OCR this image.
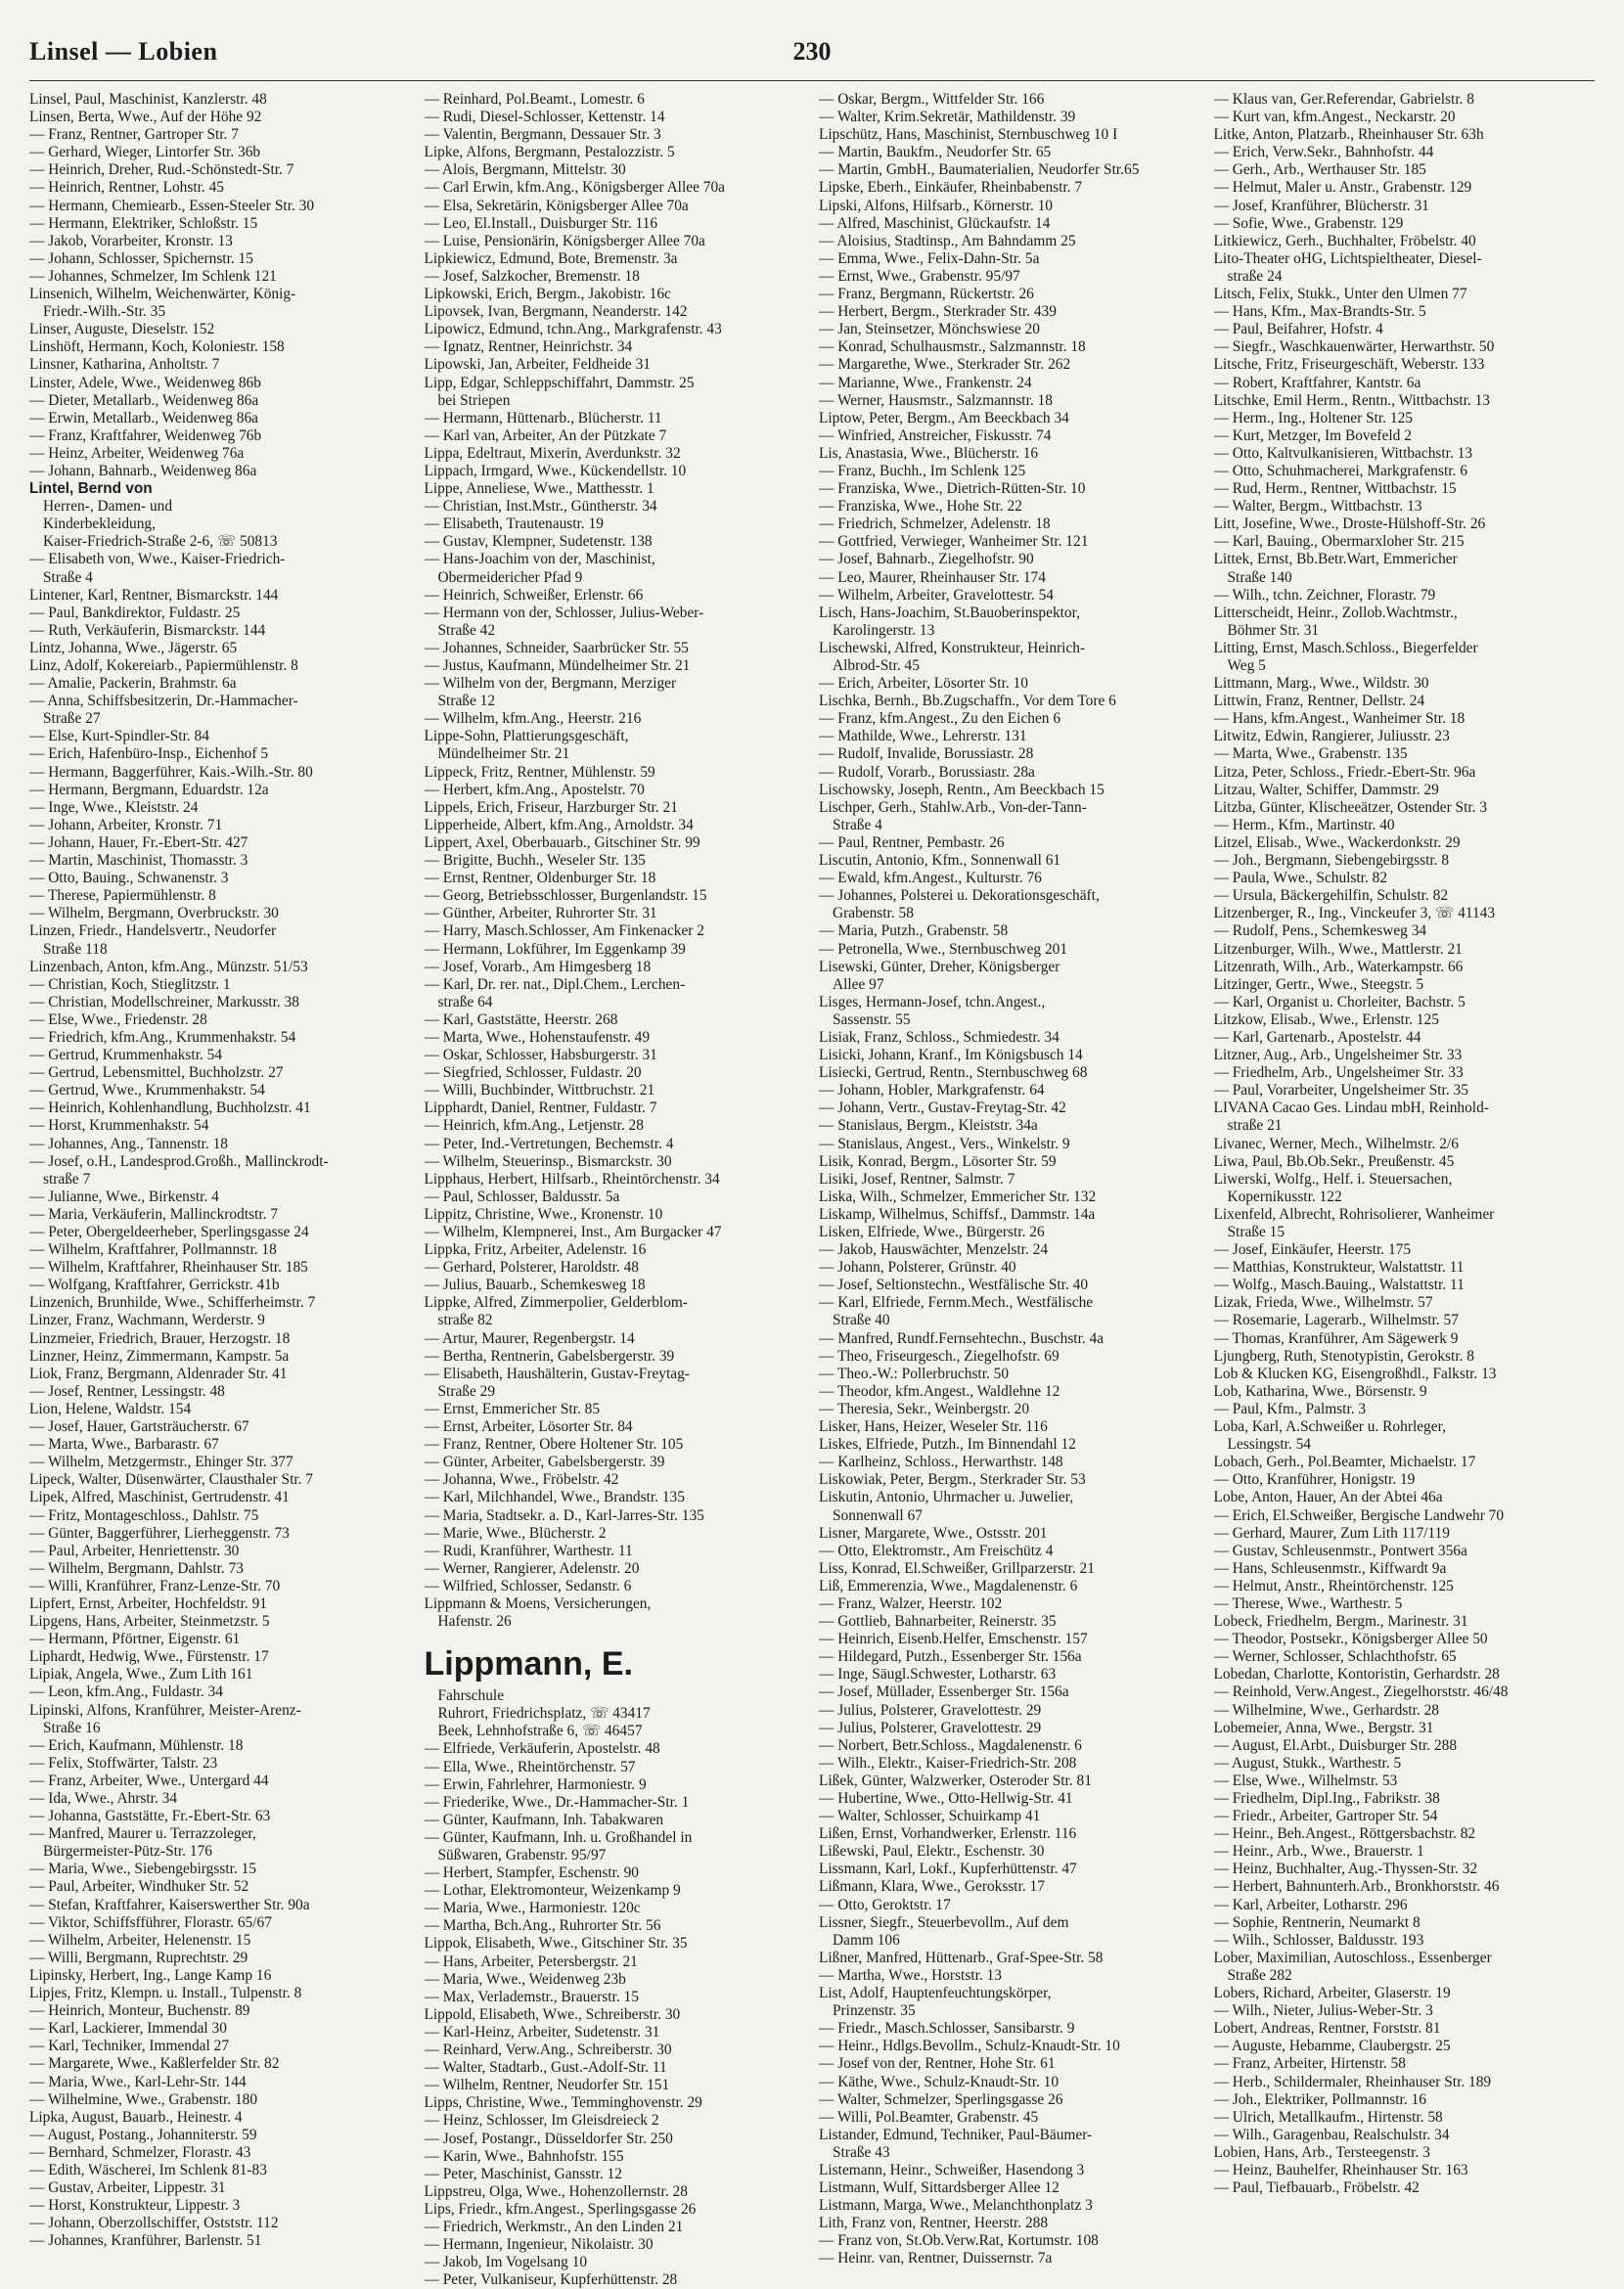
Linsel — Lobien	230
Linsel, Paul, Maschinist, Kanzlerstr. 48
Linsen, Berta, Wwe., Auf der Höhe 92
— Franz, Rentner, Gartroper Str. 7
— Gerhard, Wieger, Lintorfer Str. 36b
— Heinrich, Dreher, Rud.-Schönstedt-Str. 7
— Heinrich, Rentner, Lohstr. 45
— Hermann, Chemiearb., Essen-Steeler Str. 30
— Hermann, Elektriker, Schloßstr. 15
— Jakob, Vorarbeiter, Kronstr. 13
— Johann, Schlosser, Spichernstr. 15
— Johannes, Schmelzer, Im Schlenk 121
Linsenich, Wilhelm, Weichenwärter, König-
Friedr.-Wilh.-Str. 35
Linser, Auguste, Dieselstr. 152
Linshöft, Hermann, Koch, Koloniestr. 158
Linsner, Katharina, Anholtstr. 7
Linster, Adele, Wwe., Weidenweg 86b
— Dieter, Metallarb., Weidenweg 86a
— Erwin, Metallarb., Weidenweg 86a
— Franz, Kraftfahrer, Weidenweg 76b
— Heinz, Arbeiter, Weidenweg 76a
— Johann, Bahnarb., Weidenweg 86a
Lintel, Bernd von
Herren-, Damen- und
Kinderbekleidung,
Kaiser-Friedrich-Straße 2-6, ☏ 50813
— Elisabeth von, Wwe., Kaiser-Friedrich-
Straße 4
Lintener, Karl, Rentner, Bismarckstr. 144
— Paul, Bankdirektor, Fuldastr. 25
— Ruth, Verkäuferin, Bismarckstr. 144
Lintz, Johanna, Wwe., Jägerstr. 65
Linz, Adolf, Kokereiarb., Papiermühlenstr. 8
— Amalie, Packerin, Brahmstr. 6a
— Anna, Schiffsbesitzerin, Dr.-Hammacher-
Straße 27
— Else, Kurt-Spindler-Str. 84
— Erich, Hafenbüro-Insp., Eichenhof 5
— Hermann, Baggerführer, Kais.-Wilh.-Str. 80
— Hermann, Bergmann, Eduardstr. 12a
— Inge, Wwe., Kleiststr. 24
— Johann, Arbeiter, Kronstr. 71
— Johann, Hauer, Fr.-Ebert-Str. 427
— Martin, Maschinist, Thomasstr. 3
— Otto, Bauing., Schwanenstr. 3
— Therese, Papiermühlenstr. 8
— Wilhelm, Bergmann, Overbruckstr. 30
Linzen, Friedr., Handelsvertr., Neudorfer
Straße 118
Linzenbach, Anton, kfm.Ang., Münzstr. 51/53
— Christian, Koch, Stieglitzstr. 1
— Christian, Modellschreiner, Markusstr. 38
— Else, Wwe., Friedenstr. 28
— Friedrich, kfm.Ang., Krummenhakstr. 54
— Gertrud, Krummenhakstr. 54
— Gertrud, Lebensmittel, Buchholzstr. 27
— Gertrud, Wwe., Krummenhakstr. 54
— Heinrich, Kohlenhandlung, Buchholzstr. 41
— Horst, Krummenhakstr. 54
— Johannes, Ang., Tannenstr. 18
— Josef, o.H., Landesprod.Großh., Mallinckrodt-
straße 7
— Julianne, Wwe., Birkenstr. 4
— Maria, Verkäuferin, Mallinckrodtstr. 7
— Peter, Obergeldeerheber, Sperlingsgasse 24
— Wilhelm, Kraftfahrer, Pollmannstr. 18
— Wilhelm, Kraftfahrer, Rheinhauser Str. 185
— Wolfgang, Kraftfahrer, Gerrickstr. 41b
Linzenich, Brunhilde, Wwe., Schifferheimstr. 7
Linzer, Franz, Wachmann, Werderstr. 9
Linzmeier, Friedrich, Brauer, Herzogstr. 18
Linzner, Heinz, Zimmermann, Kampstr. 5a
Liok, Franz, Bergmann, Aldenrader Str. 41
— Josef, Rentner, Lessingstr. 48
Lion, Helene, Waldstr. 154
— Josef, Hauer, Gartsträucherstr. 67
— Marta, Wwe., Barbarastr. 67
— Wilhelm, Metzgermstr., Ehinger Str. 377
Lipeck, Walter, Düsenwärter, Clausthaler Str. 7
Lipek, Alfred, Maschinist, Gertrudenstr. 41
— Fritz, Montageschloss., Dahlstr. 75
— Günter, Baggerführer, Lierheggenstr. 73
— Paul, Arbeiter, Henriettenstr. 30
— Wilhelm, Bergmann, Dahlstr. 73
— Willi, Kranführer, Franz-Lenze-Str. 70
Lipfert, Ernst, Arbeiter, Hochfeldstr. 91
Lipgens, Hans, Arbeiter, Steinmetzstr. 5
— Hermann, Pförtner, Eigenstr. 61
Liphardt, Hedwig, Wwe., Fürstenstr. 17
Lipiak, Angela, Wwe., Zum Lith 161
— Leon, kfm.Ang., Fuldastr. 34
Lipinski, Alfons, Kranführer, Meister-Arenz-
Straße 16
— Erich, Kaufmann, Mühlenstr. 18
— Felix, Stoffwärter, Talstr. 23
— Franz, Arbeiter, Wwe., Untergard 44
— Ida, Wwe., Ahrstr. 34
— Johanna, Gaststätte, Fr.-Ebert-Str. 63
— Manfred, Maurer u. Terrazzoleger,
Bürgermeister-Pütz-Str. 176
— Maria, Wwe., Siebengebirgsstr. 15
— Paul, Arbeiter, Windhuker Str. 52
— Stefan, Kraftfahrer, Kaiserswerther Str. 90a
— Viktor, Schiffsfführer, Florastr. 65/67
— Wilhelm, Arbeiter, Helenenstr. 15
— Willi, Bergmann, Ruprechtstr. 29
Lipinsky, Herbert, Ing., Lange Kamp 16
Lipjes, Fritz, Klempn. u. Install., Tulpenstr. 8
— Heinrich, Monteur, Buchenstr. 89
— Karl, Lackierer, Immendal 30
— Karl, Techniker, Immendal 27
— Margarete, Wwe., Kaßlerfelder Str. 82
— Maria, Wwe., Karl-Lehr-Str. 144
— Wilhelmine, Wwe., Grabenstr. 180
Lipka, August, Bauarb., Heinestr. 4
— August, Postang., Johanniterstr. 59
— Bernhard, Schmelzer, Florastr. 43
— Edith, Wäscherei, Im Schlenk 81-83
— Gustav, Arbeiter, Lippestr. 31
— Horst, Konstrukteur, Lippestr. 3
— Johann, Oberzollschiffer, Ostststr. 112
— Johannes, Kranführer, Barlenstr. 51
— Reinhard, Pol.Beamt., Lomestr. 6
— Rudi, Diesel-Schlosser, Kettenstr. 14
— Valentin, Bergmann, Dessauer Str. 3
Lipke, Alfons, Bergmann, Pestalozzistr. 5
— Alois, Bergmann, Mittelstr. 30
— Carl Erwin, kfm.Ang., Königsberger Allee 70a
— Elsa, Sekretärin, Königsberger Allee 70a
— Leo, El.Install., Duisburger Str. 116
— Luise, Pensionärin, Königsberger Allee 70a
Lipkiewicz, Edmund, Bote, Bremenstr. 3a
— Josef, Salzkocher, Bremenstr. 18
Lipkowski, Erich, Bergm., Jakobistr. 16c
Lipovsek, Ivan, Bergmann, Neanderstr. 142
Lipowicz, Edmund, tchn.Ang., Markgrafenstr. 43
— Ignatz, Rentner, Heinrichstr. 34
Lipowski, Jan, Arbeiter, Feldheide 31
Lipp, Edgar, Schleppschiffahrt, Dammstr. 25
bei Striepen
— Hermann, Hüttenarb., Blücherstr. 11
— Karl van, Arbeiter, An der Pützkate 7
Lippa, Edeltraut, Mixerin, Averdunkstr. 32
Lippach, Irmgard, Wwe., Kückendellstr. 10
Lippe, Anneliese, Wwe., Matthesstr. 1
— Christian, Inst.Mstr., Güntherstr. 34
— Elisabeth, Trautenaustr. 19
— Gustav, Klempner, Sudetenstr. 138
— Hans-Joachim von der, Maschinist,
Obermeidericher Pfad 9
— Heinrich, Schweißer, Erlenstr. 66
— Hermann von der, Schlosser, Julius-Weber-
Straße 42
— Johannes, Schneider, Saarbrücker Str. 55
— Justus, Kaufmann, Mündelheimer Str. 21
— Wilhelm von der, Bergmann, Merziger
Straße 12
— Wilhelm, kfm.Ang., Heerstr. 216
Lippe-Sohn, Plattierungsgeschäft,
Mündelheimer Str. 21
Lippeck, Fritz, Rentner, Mühlenstr. 59
— Herbert, kfm.Ang., Apostelstr. 70
Lippels, Erich, Friseur, Harzburger Str. 21
Lipperheide, Albert, kfm.Ang., Arnoldstr. 34
Lippert, Axel, Oberbauarb., Gitschiner Str. 99
— Brigitte, Buchh., Weseler Str. 135
— Ernst, Rentner, Oldenburger Str. 18
— Georg, Betriebsschlosser, Burgenlandstr. 15
— Günther, Arbeiter, Ruhrorter Str. 31
— Harry, Masch.Schlosser, Am Finkenacker 2
— Hermann, Lokführer, Im Eggenkamp 39
— Josef, Vorarb., Am Himgesberg 18
— Karl, Dr. rer. nat., Dipl.Chem., Lerchen-
straße 64
— Karl, Gaststätte, Heerstr. 268
— Marta, Wwe., Hohenstaufenstr. 49
— Oskar, Schlosser, Habsburgerstr. 31
— Siegfried, Schlosser, Fuldastr. 20
— Willi, Buchbinder, Wittbruchstr. 21
Lipphardt, Daniel, Rentner, Fuldastr. 7
— Heinrich, kfm.Ang., Letjenstr. 28
— Peter, Ind.-Vertretungen, Bechemstr. 4
— Wilhelm, Steuerinsp., Bismarckstr. 30
Lipphaus, Herbert, Hilfsarb., Rheintörchenstr. 34
— Paul, Schlosser, Baldusstr. 5a
Lippitz, Christine, Wwe., Kronenstr. 10
— Wilhelm, Klempnerei, Inst., Am Burgacker 47
Lippka, Fritz, Arbeiter, Adelenstr. 16
— Gerhard, Polsterer, Haroldstr. 48
— Julius, Bauarb., Schemkesweg 18
Lippke, Alfred, Zimmerpolier, Gelderblom-
straße 82
— Artur, Maurer, Regenbergstr. 14
— Bertha, Rentnerin, Gabelsbergerstr. 39
— Elisabeth, Haushälterin, Gustav-Freytag-
Straße 29
— Ernst, Emmericher Str. 85
— Ernst, Arbeiter, Lösorter Str. 84
— Franz, Rentner, Obere Holtener Str. 105
— Günter, Arbeiter, Gabelsbergerstr. 39
— Johanna, Wwe., Fröbelstr. 42
— Karl, Milchhandel, Wwe., Brandstr. 135
— Maria, Stadtsekr. a. D., Karl-Jarres-Str. 135
— Marie, Wwe., Blücherstr. 2
— Rudi, Kranführer, Warthestr. 11
— Werner, Rangierer, Adelenstr. 20
— Wilfried, Schlosser, Sedanstr. 6
Lippmann & Moens, Versicherungen,
Hafenstr. 26
Lippmann, E.
Fahrschule
Ruhrort, Friedrichsplatz, ☏ 43417
Beek, Lehnhofstraße 6, ☏ 46457
— Elfriede, Verkäuferin, Apostelstr. 48
— Ella, Wwe., Rheintörchenstr. 57
— Erwin, Fahrlehrer, Harmoniestr. 9
— Friederike, Wwe., Dr.-Hammacher-Str. 1
— Günter, Kaufmann, Inh. Tabakwaren
— Günter, Kaufmann, Inh. u. Großhandel in
Süßwaren, Grabenstr. 95/97
— Herbert, Stampfer, Eschenstr. 90
— Lothar, Elektromonteur, Weizenkamp 9
— Maria, Wwe., Harmoniestr. 120c
— Martha, Bch.Ang., Ruhrorter Str. 56
Lippok, Elisabeth, Wwe., Gitschiner Str. 35
— Hans, Arbeiter, Petersbergstr. 21
— Maria, Wwe., Weidenweg 23b
— Max, Verlademstr., Brauerstr. 15
Lippold, Elisabeth, Wwe., Schreiberstr. 30
— Karl-Heinz, Arbeiter, Sudetenstr. 31
— Reinhard, Verw.Ang., Schreiberstr. 30
— Walter, Stadtarb., Gust.-Adolf-Str. 11
— Wilhelm, Rentner, Neudorfer Str. 151
Lipps, Christine, Wwe., Temminghovenstr. 29
— Heinz, Schlosser, Im Gleisdreieck 2
— Josef, Postangr., Düsseldorfer Str. 250
— Karin, Wwe., Bahnhofstr. 155
— Peter, Maschinist, Gansstr. 12
Lippstreu, Olga, Wwe., Hohenzollernstr. 28
Lips, Friedr., kfm.Angest., Sperlingsgasse 26
— Friedrich, Werkmstr., An den Linden 21
— Hermann, Ingenieur, Nikolaistr. 30
— Jakob, Im Vogelsang 10
— Peter, Vulkaniseur, Kupferhüttenstr. 28
— Oskar, Bergm., Wittfelder Str. 166
— Walter, Krim.Sekretär, Mathildenstr. 39
Lipschütz, Hans, Maschinist, Sternbuschweg 10 I
— Martin, Baukfm., Neudorfer Str. 65
— Martin, GmbH., Baumaterialien, Neudorfer Str.65
Lipske, Eberh., Einkäufer, Rheinbabenstr. 7
Lipski, Alfons, Hilfsarb., Körnerstr. 10
— Alfred, Maschinist, Glückaufstr. 14
— Aloisius, Stadtinsp., Am Bahndamm 25
— Emma, Wwe., Felix-Dahn-Str. 5a
— Ernst, Wwe., Grabenstr. 95/97
— Franz, Bergmann, Rückertstr. 26
— Herbert, Bergm., Sterkrader Str. 439
— Jan, Steinsetzer, Mönchswiese 20
— Konrad, Schulhausmstr., Salzmannstr. 18
— Margarethe, Wwe., Sterkrader Str. 262
— Marianne, Wwe., Frankenstr. 24
— Werner, Hausmstr., Salzmannstr. 18
Liptow, Peter, Bergm., Am Beeckbach 34
— Winfried, Anstreicher, Fiskusstr. 74
Lis, Anastasia, Wwe., Blücherstr. 16
— Franz, Buchh., Im Schlenk 125
— Franziska, Wwe., Dietrich-Rütten-Str. 10
— Franziska, Wwe., Hohe Str. 22
— Friedrich, Schmelzer, Adelenstr. 18
— Gottfried, Verwieger, Wanheimer Str. 121
— Josef, Bahnarb., Ziegelhofstr. 90
— Leo, Maurer, Rheinhauser Str. 174
— Wilhelm, Arbeiter, Gravelottestr. 54
Lisch, Hans-Joachim, St.Bauoberinspektor,
Karolingerstr. 13
Lischewski, Alfred, Konstrukteur, Heinrich-
Albrod-Str. 45
— Erich, Arbeiter, Lösorter Str. 10
Lischka, Bernh., Bb.Zugschaffn., Vor dem Tore 6
— Franz, kfm.Angest., Zu den Eichen 6
— Mathilde, Wwe., Lehrerstr. 131
— Rudolf, Invalide, Borussiastr. 28
— Rudolf, Vorarb., Borussiastr. 28a
Lischowsky, Joseph, Rentn., Am Beeckbach 15
Lischper, Gerh., Stahlw.Arb., Von-der-Tann-
Straße 4
— Paul, Rentner, Pembastr. 26
Liscutin, Antonio, Kfm., Sonnenwall 61
— Ewald, kfm.Angest., Kulturstr. 76
— Johannes, Polsterei u. Dekorationsgeschäft,
Grabenstr. 58
— Maria, Putzh., Grabenstr. 58
— Petronella, Wwe., Sternbuschweg 201
Lisewski, Günter, Dreher, Königsberger
Allee 97
Lisges, Hermann-Josef, tchn.Angest.,
Sassenstr. 55
Lisiak, Franz, Schloss., Schmiedestr. 34
Lisicki, Johann, Kranf., Im Königsbusch 14
Lisiecki, Gertrud, Rentn., Sternbuschweg 68
— Johann, Hobler, Markgrafenstr. 64
— Johann, Vertr., Gustav-Freytag-Str. 42
— Stanislaus, Bergm., Kleiststr. 34a
— Stanislaus, Angest., Vers., Winkelstr. 9
Lisik, Konrad, Bergm., Lösorter Str. 59
Lisiki, Josef, Rentner, Salmstr. 7
Liska, Wilh., Schmelzer, Emmericher Str. 132
Liskamp, Wilhelmus, Schiffsf., Dammstr. 14a
Lisken, Elfriede, Wwe., Bürgerstr. 26
— Jakob, Hauswächter, Menzelstr. 24
— Johann, Polsterer, Grünstr. 40
— Josef, Seltionstechn., Westfälische Str. 40
— Karl, Elfriede, Fernm.Mech., Westfälische
Straße 40
— Manfred, Rundf.Fernsehtechn., Buschstr. 4a
— Theo, Friseurgesch., Ziegelhofstr. 69
— Theo.-W.: Pollerbruchstr. 50
— Theodor, kfm.Angest., Waldlehne 12
— Theresia, Sekr., Weinbergstr. 20
Lisker, Hans, Heizer, Weseler Str. 116
Liskes, Elfriede, Putzh., Im Binnendahl 12
— Karlheinz, Schloss., Herwarthstr. 148
Liskowiak, Peter, Bergm., Sterkrader Str. 53
Liskutin, Antonio, Uhrmacher u. Juwelier,
Sonnenwall 67
Lisner, Margarete, Wwe., Ostsstr. 201
— Otto, Elektromstr., Am Freischütz 4
Liss, Konrad, El.Schweißer, Grillparzerstr. 21
Liß, Emmerenzia, Wwe., Magdalenenstr. 6
— Franz, Walzer, Heerstr. 102
— Gottlieb, Bahnarbeiter, Reinerstr. 35
— Heinrich, Eisenb.Helfer, Emschenstr. 157
— Hildegard, Putzh., Essenberger Str. 156a
— Inge, Säugl.Schwester, Lotharstr. 63
— Josef, Müllader, Essenberger Str. 156a
— Julius, Polsterer, Gravelottestr. 29
— Julius, Polsterer, Gravelottestr. 29
— Norbert, Betr.Schloss., Magdalenenstr. 6
— Wilh., Elektr., Kaiser-Friedrich-Str. 208
Lißek, Günter, Walzwerker, Osteroder Str. 81
— Hubertine, Wwe., Otto-Hellwig-Str. 41
— Walter, Schlosser, Schuirkamp 41
Lißen, Ernst, Vorhandwerker, Erlenstr. 116
Lißewski, Paul, Elektr., Eschenstr. 30
Lissmann, Karl, Lokf., Kupferhüttenstr. 47
Lißmann, Klara, Wwe., Geroksstr. 17
— Otto, Geroktstr. 17
Lissner, Siegfr., Steuerbevollm., Auf dem
Damm 106
Lißner, Manfred, Hüttenarb., Graf-Spee-Str. 58
— Martha, Wwe., Horststr. 13
List, Adolf, Hauptenfeuchtungskörper,
Prinzenstr. 35
— Friedr., Masch.Schlosser, Sansibarstr. 9
— Heinr., Hdlgs.Bevollm., Schulz-Knaudt-Str. 10
— Josef von der, Rentner, Hohe Str. 61
— Käthe, Wwe., Schulz-Knaudt-Str. 10
— Walter, Schmelzer, Sperlingsgasse 26
— Willi, Pol.Beamter, Grabenstr. 45
Listander, Edmund, Techniker, Paul-Bäumer-
Straße 43
Listemann, Heinr., Schweißer, Hasendong 3
Listmann, Wulf, Sittardsberger Allee 12
Listmann, Marga, Wwe., Melanchthonplatz 3
Lith, Franz von, Rentner, Heerstr. 288
— Franz von, St.Ob.Verw.Rat, Kortumstr. 108
— Heinr. van, Rentner, Duissernstr. 7a
— Klaus van, Ger.Referendar, Gabrielstr. 8
— Kurt van, kfm.Angest., Neckarstr. 20
Litke, Anton, Platzarb., Rheinhauser Str. 63h
— Erich, Verw.Sekr., Bahnhofstr. 44
— Gerh., Arb., Werthauser Str. 185
— Helmut, Maler u. Anstr., Grabenstr. 129
— Josef, Kranführer, Blücherstr. 31
— Sofie, Wwe., Grabenstr. 129
Litkiewicz, Gerh., Buchhalter, Fröbelstr. 40
Lito-Theater oHG, Lichtspieltheater, Diesel-
straße 24
Litsch, Felix, Stukk., Unter den Ulmen 77
— Hans, Kfm., Max-Brandts-Str. 5
— Paul, Beifahrer, Hofstr. 4
— Siegfr., Waschkauenwärter, Herwarthstr. 50
Litsche, Fritz, Friseurgeschäft, Weberstr. 133
— Robert, Kraftfahrer, Kantstr. 6a
Litschke, Emil Herm., Rentn., Wittbachstr. 13
— Herm., Ing., Holtener Str. 125
— Kurt, Metzger, Im Bovefeld 2
— Otto, Kaltvulkanisieren, Wittbachstr. 13
— Otto, Schuhmacherei, Markgrafenstr. 6
— Rud, Herm., Rentner, Wittbachstr. 15
— Walter, Bergm., Wittbachstr. 13
Litt, Josefine, Wwe., Droste-Hülshoff-Str. 26
— Karl, Bauing., Obermarxloher Str. 215
Littek, Ernst, Bb.Betr.Wart, Emmericher
Straße 140
— Wilh., tchn. Zeichner, Florastr. 79
Litterscheidt, Heinr., Zollob.Wachtmstr.,
Böhmer Str. 31
Litting, Ernst, Masch.Schloss., Biegerfelder
Weg 5
Littmann, Marg., Wwe., Wildstr. 30
Littwin, Franz, Rentner, Dellstr. 24
— Hans, kfm.Angest., Wanheimer Str. 18
Litwitz, Edwin, Rangierer, Juliusstr. 23
— Marta, Wwe., Grabenstr. 135
Litza, Peter, Schloss., Friedr.-Ebert-Str. 96a
Litzau, Walter, Schiffer, Dammstr. 29
Litzba, Günter, Klischeeätzer, Ostender Str. 3
— Herm., Kfm., Martinstr. 40
Litzel, Elisab., Wwe., Wackerdonkstr. 29
— Joh., Bergmann, Siebengebirgsstr. 8
— Paula, Wwe., Schulstr. 82
— Ursula, Bäckergehilfin, Schulstr. 82
Litzenberger, R., Ing., Vinckeufer 3, ☏ 41143
— Rudolf, Pens., Schemkesweg 34
Litzenburger, Wilh., Wwe., Mattlerstr. 21
Litzenrath, Wilh., Arb., Waterkampstr. 66
Litzinger, Gertr., Wwe., Steegstr. 5
— Karl, Organist u. Chorleiter, Bachstr. 5
Litzkow, Elisab., Wwe., Erlenstr. 125
— Karl, Gartenarb., Apostelstr. 44
Litzner, Aug., Arb., Ungelsheimer Str. 33
— Friedhelm, Arb., Ungelsheimer Str. 33
— Paul, Vorarbeiter, Ungelsheimer Str. 35
LIVANA Cacao Ges. Lindau mbH, Reinhold-
straße 21
Livanec, Werner, Mech., Wilhelmstr. 2/6
Liwa, Paul, Bb.Ob.Sekr., Preußenstr. 45
Liwerski, Wolfg., Helf. i. Steuersachen,
Kopernikusstr. 122
Lixenfeld, Albrecht, Rohrisolierer, Wanheimer
Straße 15
— Josef, Einkäufer, Heerstr. 175
— Matthias, Konstrukteur, Walstattstr. 11
— Wolfg., Masch.Bauing., Walstattstr. 11
Lizak, Frieda, Wwe., Wilhelmstr. 57
— Rosemarie, Lagerarb., Wilhelmstr. 57
— Thomas, Kranführer, Am Sägewerk 9
Ljungberg, Ruth, Stenotypistin, Gerokstr. 8
Lob & Klucken KG, Eisengroßhdl., Falkstr. 13
Lob, Katharina, Wwe., Börsenstr. 9
— Paul, Kfm., Palmstr. 3
Loba, Karl, A.Schweißer u. Rohrleger,
Lessingstr. 54
Lobach, Gerh., Pol.Beamter, Michaelstr. 17
— Otto, Kranführer, Honigstr. 19
Lobe, Anton, Hauer, An der Abtei 46a
— Erich, El.Schweißer, Bergische Landwehr 70
— Gerhard, Maurer, Zum Lith 117/119
— Gustav, Schleusenmstr., Pontwert 356a
— Hans, Schleusenmstr., Kiffwardt 9a
— Helmut, Anstr., Rheintörchenstr. 125
— Therese, Wwe., Warthestr. 5
Lobeck, Friedhelm, Bergm., Marinestr. 31
— Theodor, Postsekr., Königsberger Allee 50
— Werner, Schlosser, Schlachthofstr. 65
Lobedan, Charlotte, Kontoristin, Gerhardstr. 28
— Reinhold, Verw.Angest., Ziegelhorststr. 46/48
— Wilhelmine, Wwe., Gerhardstr. 28
Lobemeier, Anna, Wwe., Bergstr. 31
— August, El.Arbt., Duisburger Str. 288
— August, Stukk., Warthestr. 5
— Else, Wwe., Wilhelmstr. 53
— Friedhelm, Dipl.Ing., Fabrikstr. 38
— Friedr., Arbeiter, Gartroper Str. 54
— Heinr., Beh.Angest., Röttgersbachstr. 82
— Heinr., Arb., Wwe., Brauerstr. 1
— Heinz, Buchhalter, Aug.-Thyssen-Str. 32
— Herbert, Bahnunterh.Arb., Bronkhorststr. 46
— Karl, Arbeiter, Lotharstr. 296
— Sophie, Rentnerin, Neumarkt 8
— Wilh., Schlosser, Baldusstr. 193
Lober, Maximilian, Autoschloss., Essenberger
Straße 282
Lobers, Richard, Arbeiter, Glaserstr. 19
— Wilh., Nieter, Julius-Weber-Str. 3
Lobert, Andreas, Rentner, Forststr. 81
— Auguste, Hebamme, Claubergstr. 25
— Franz, Arbeiter, Hirtenstr. 58
— Herb., Schildermaler, Rheinhauser Str. 189
— Joh., Elektriker, Pollmannstr. 16
— Ulrich, Metallkaufm., Hirtenstr. 58
— Wilh., Garagenbau, Realschulstr. 34
Lobien, Hans, Arb., Tersteegenstr. 3
— Heinz, Bauhelfer, Rheinhauser Str. 163
— Paul, Tiefbauarb., Fröbelstr. 42
